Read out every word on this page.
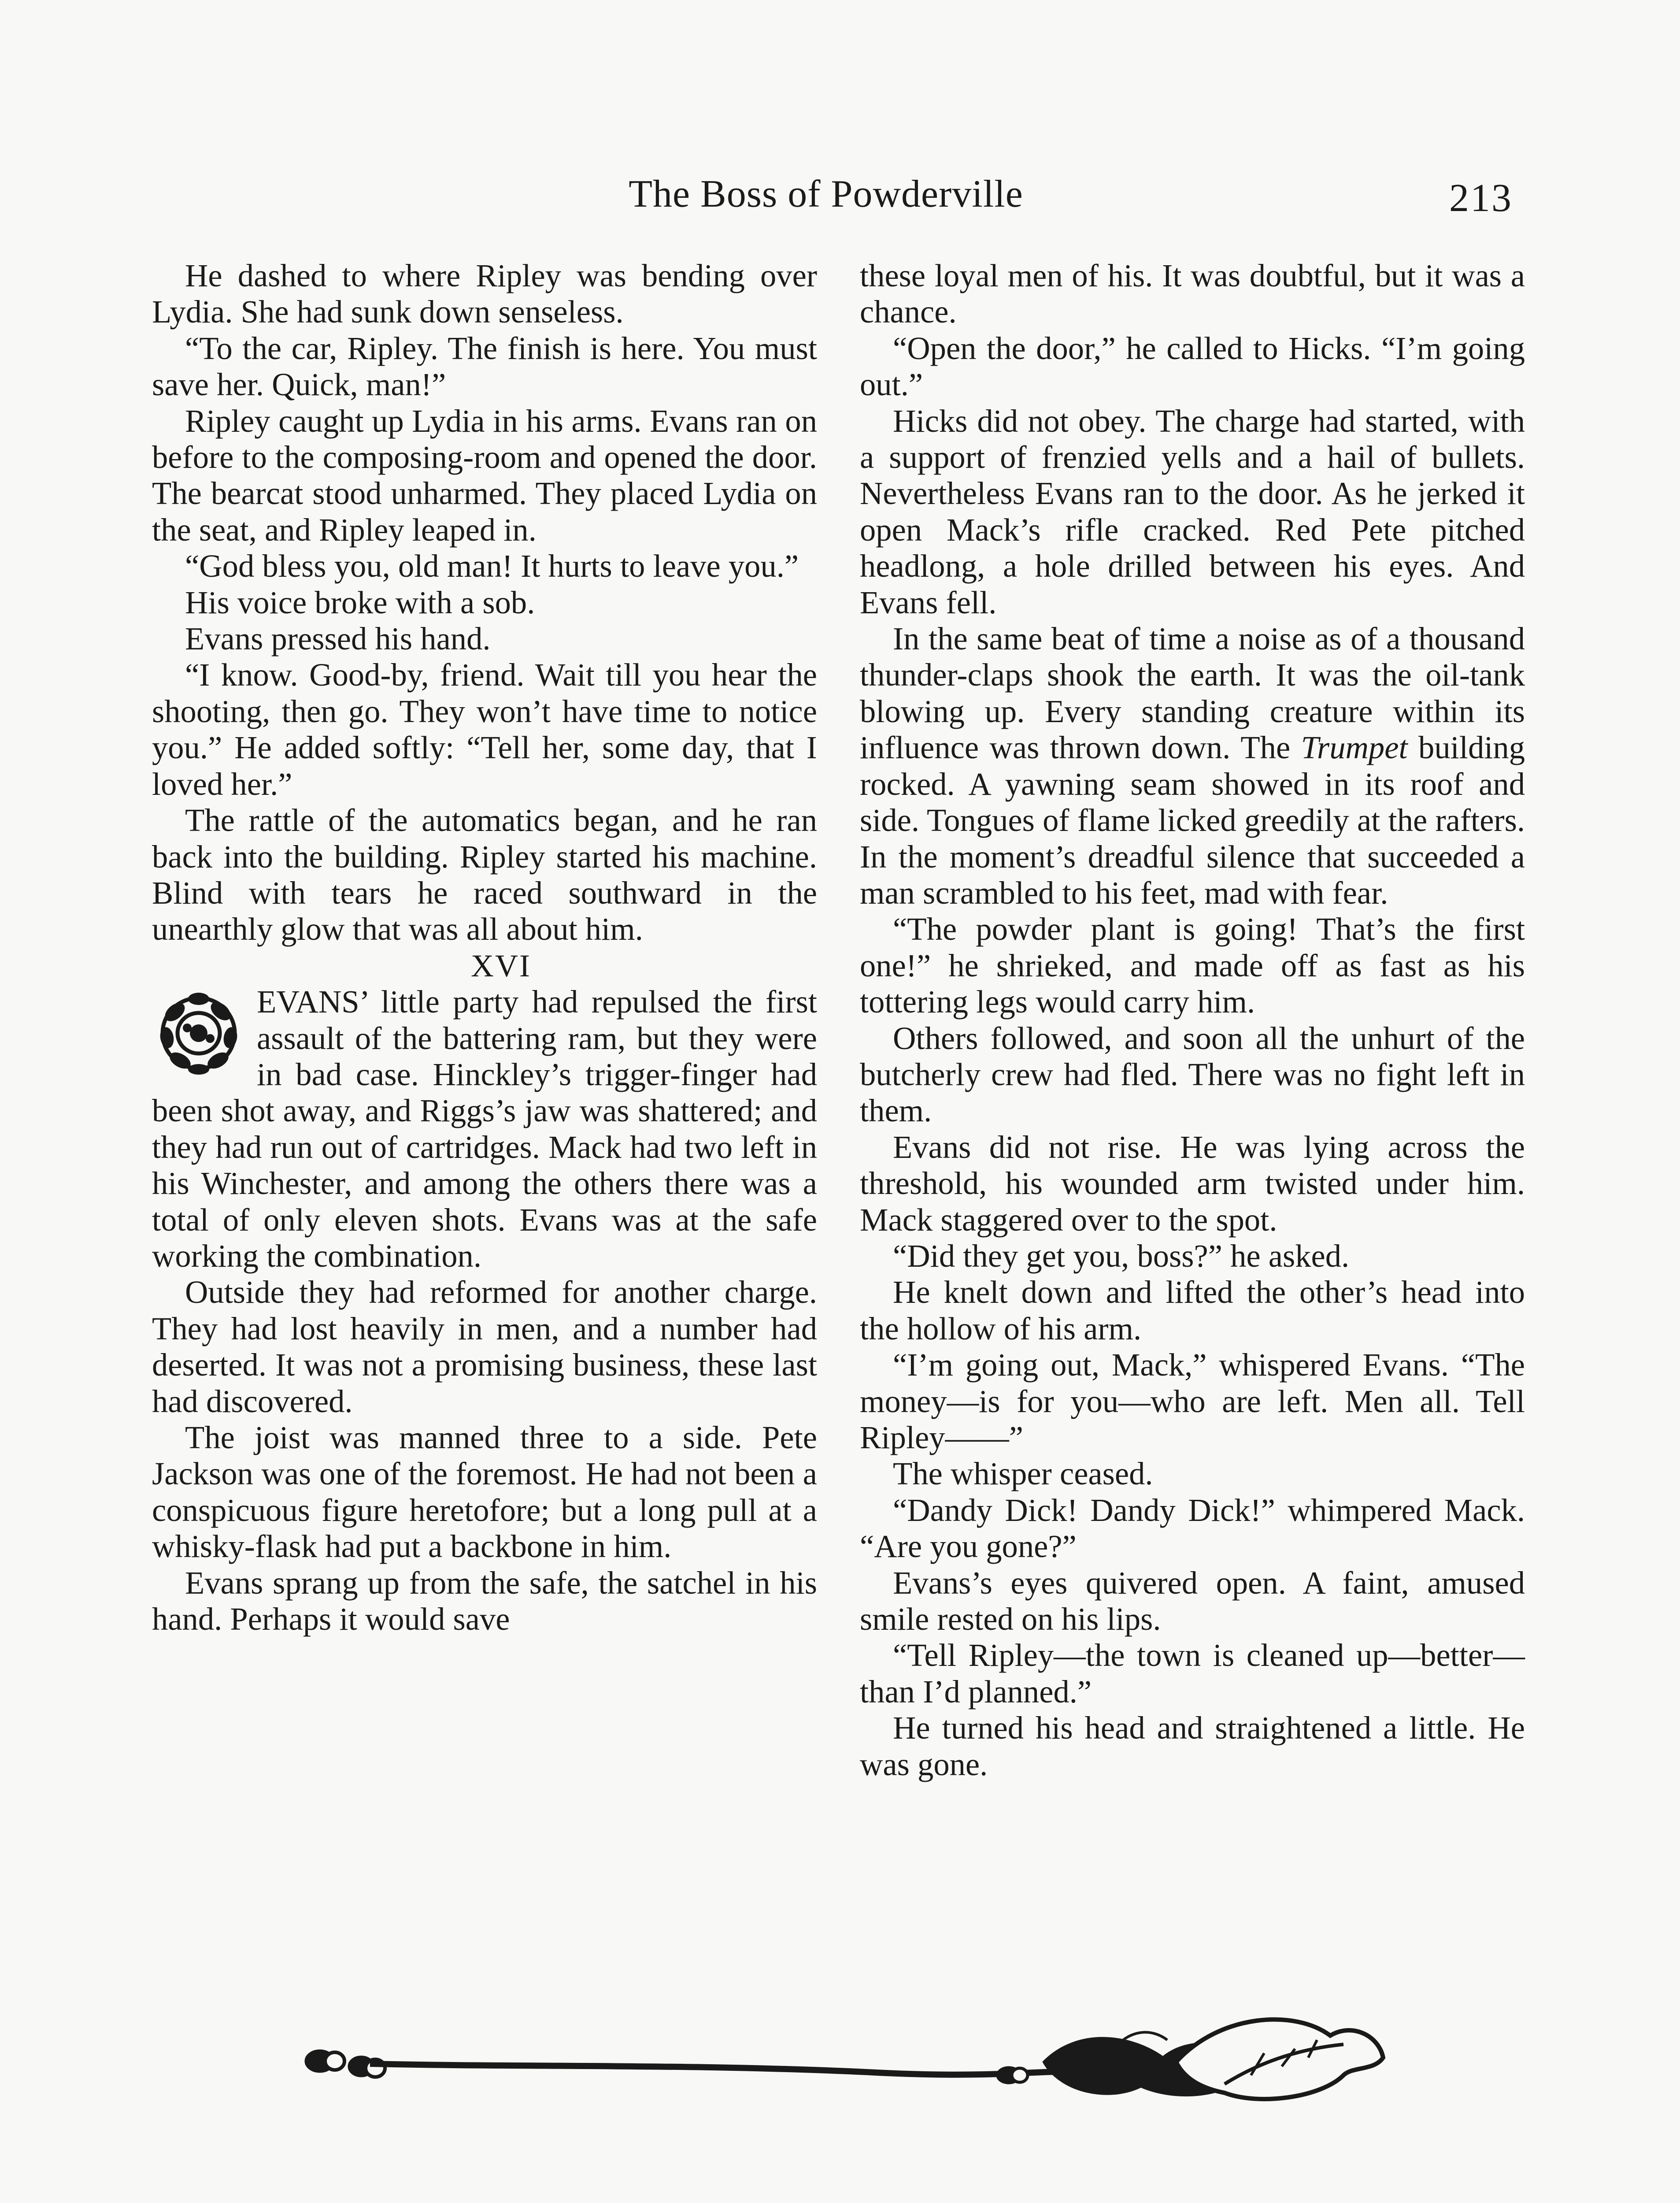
The Boss of Powderville	213

He dashed to where Ripley was bending over Lydia. She had sunk down senseless.

“To the car, Ripley. The finish is here. You must save her. Quick, man!”

Ripley caught up Lydia in his arms. Evans ran on before to the composing-room and opened the door. The bearcat stood unharmed. They placed Lydia on the seat, and Ripley leaped in.

“God bless you, old man! It hurts to leave you.”

His voice broke with a sob.

Evans pressed his hand.

“I know. Good-by, friend. Wait till you hear the shooting, then go. They won’t have time to notice you.” He added softly: “Tell her, some day, that I loved her.”

The rattle of the automatics began, and he ran back into the building. Ripley started his machine. Blind with tears he raced southward in the unearthly glow that was all about him.

XVI

EVANS’ little party had repulsed the first assault of the battering ram, but they were in bad case. Hinckley’s trigger-finger had been shot away, and Riggs’s jaw was shattered; and they had run out of cartridges. Mack had two left in his Winchester, and among the others there was a total of only eleven shots. Evans was at the safe working the combination.

Outside they had reformed for another charge. They had lost heavily in men, and a number had deserted. It was not a promising business, these last had discovered.

The joist was manned three to a side. Pete Jackson was one of the foremost. He had not been a conspicuous figure heretofore; but a long pull at a whisky-flask had put a backbone in him.

Evans sprang up from the safe, the satchel in his hand. Perhaps it would save

these loyal men of his. It was doubtful, but it was a chance.

“Open the door,” he called to Hicks. “I’m going out.”

Hicks did not obey. The charge had started, with a support of frenzied yells and a hail of bullets. Nevertheless Evans ran to the door. As he jerked it open Mack’s rifle cracked. Red Pete pitched headlong, a hole drilled between his eyes. And Evans fell.

In the same beat of time a noise as of a thousand thunder-claps shook the earth. It was the oil-tank blowing up. Every standing creature within its influence was thrown down. The Trumpet building rocked. A yawning seam showed in its roof and side. Tongues of flame licked greedily at the rafters. In the moment’s dreadful silence that succeeded a man scrambled to his feet, mad with fear.

“The powder plant is going! That’s the first one!” he shrieked, and made off as fast as his tottering legs would carry him.

Others followed, and soon all the unhurt of the butcherly crew had fled. There was no fight left in them.

Evans did not rise. He was lying across the threshold, his wounded arm twisted under him. Mack staggered over to the spot.

“Did they get you, boss?” he asked.

He knelt down and lifted the other’s head into the hollow of his arm.

“I’m going out, Mack,” whispered Evans. “The money—is for you—who are left. Men all. Tell Ripley——”

The whisper ceased.

“Dandy Dick! Dandy Dick!” whimpered Mack. “Are you gone?”

Evans’s eyes quivered open. A faint, amused smile rested on his lips.

“Tell Ripley—the town is cleaned up—better—than I’d planned.”

He turned his head and straightened a little. He was gone.
